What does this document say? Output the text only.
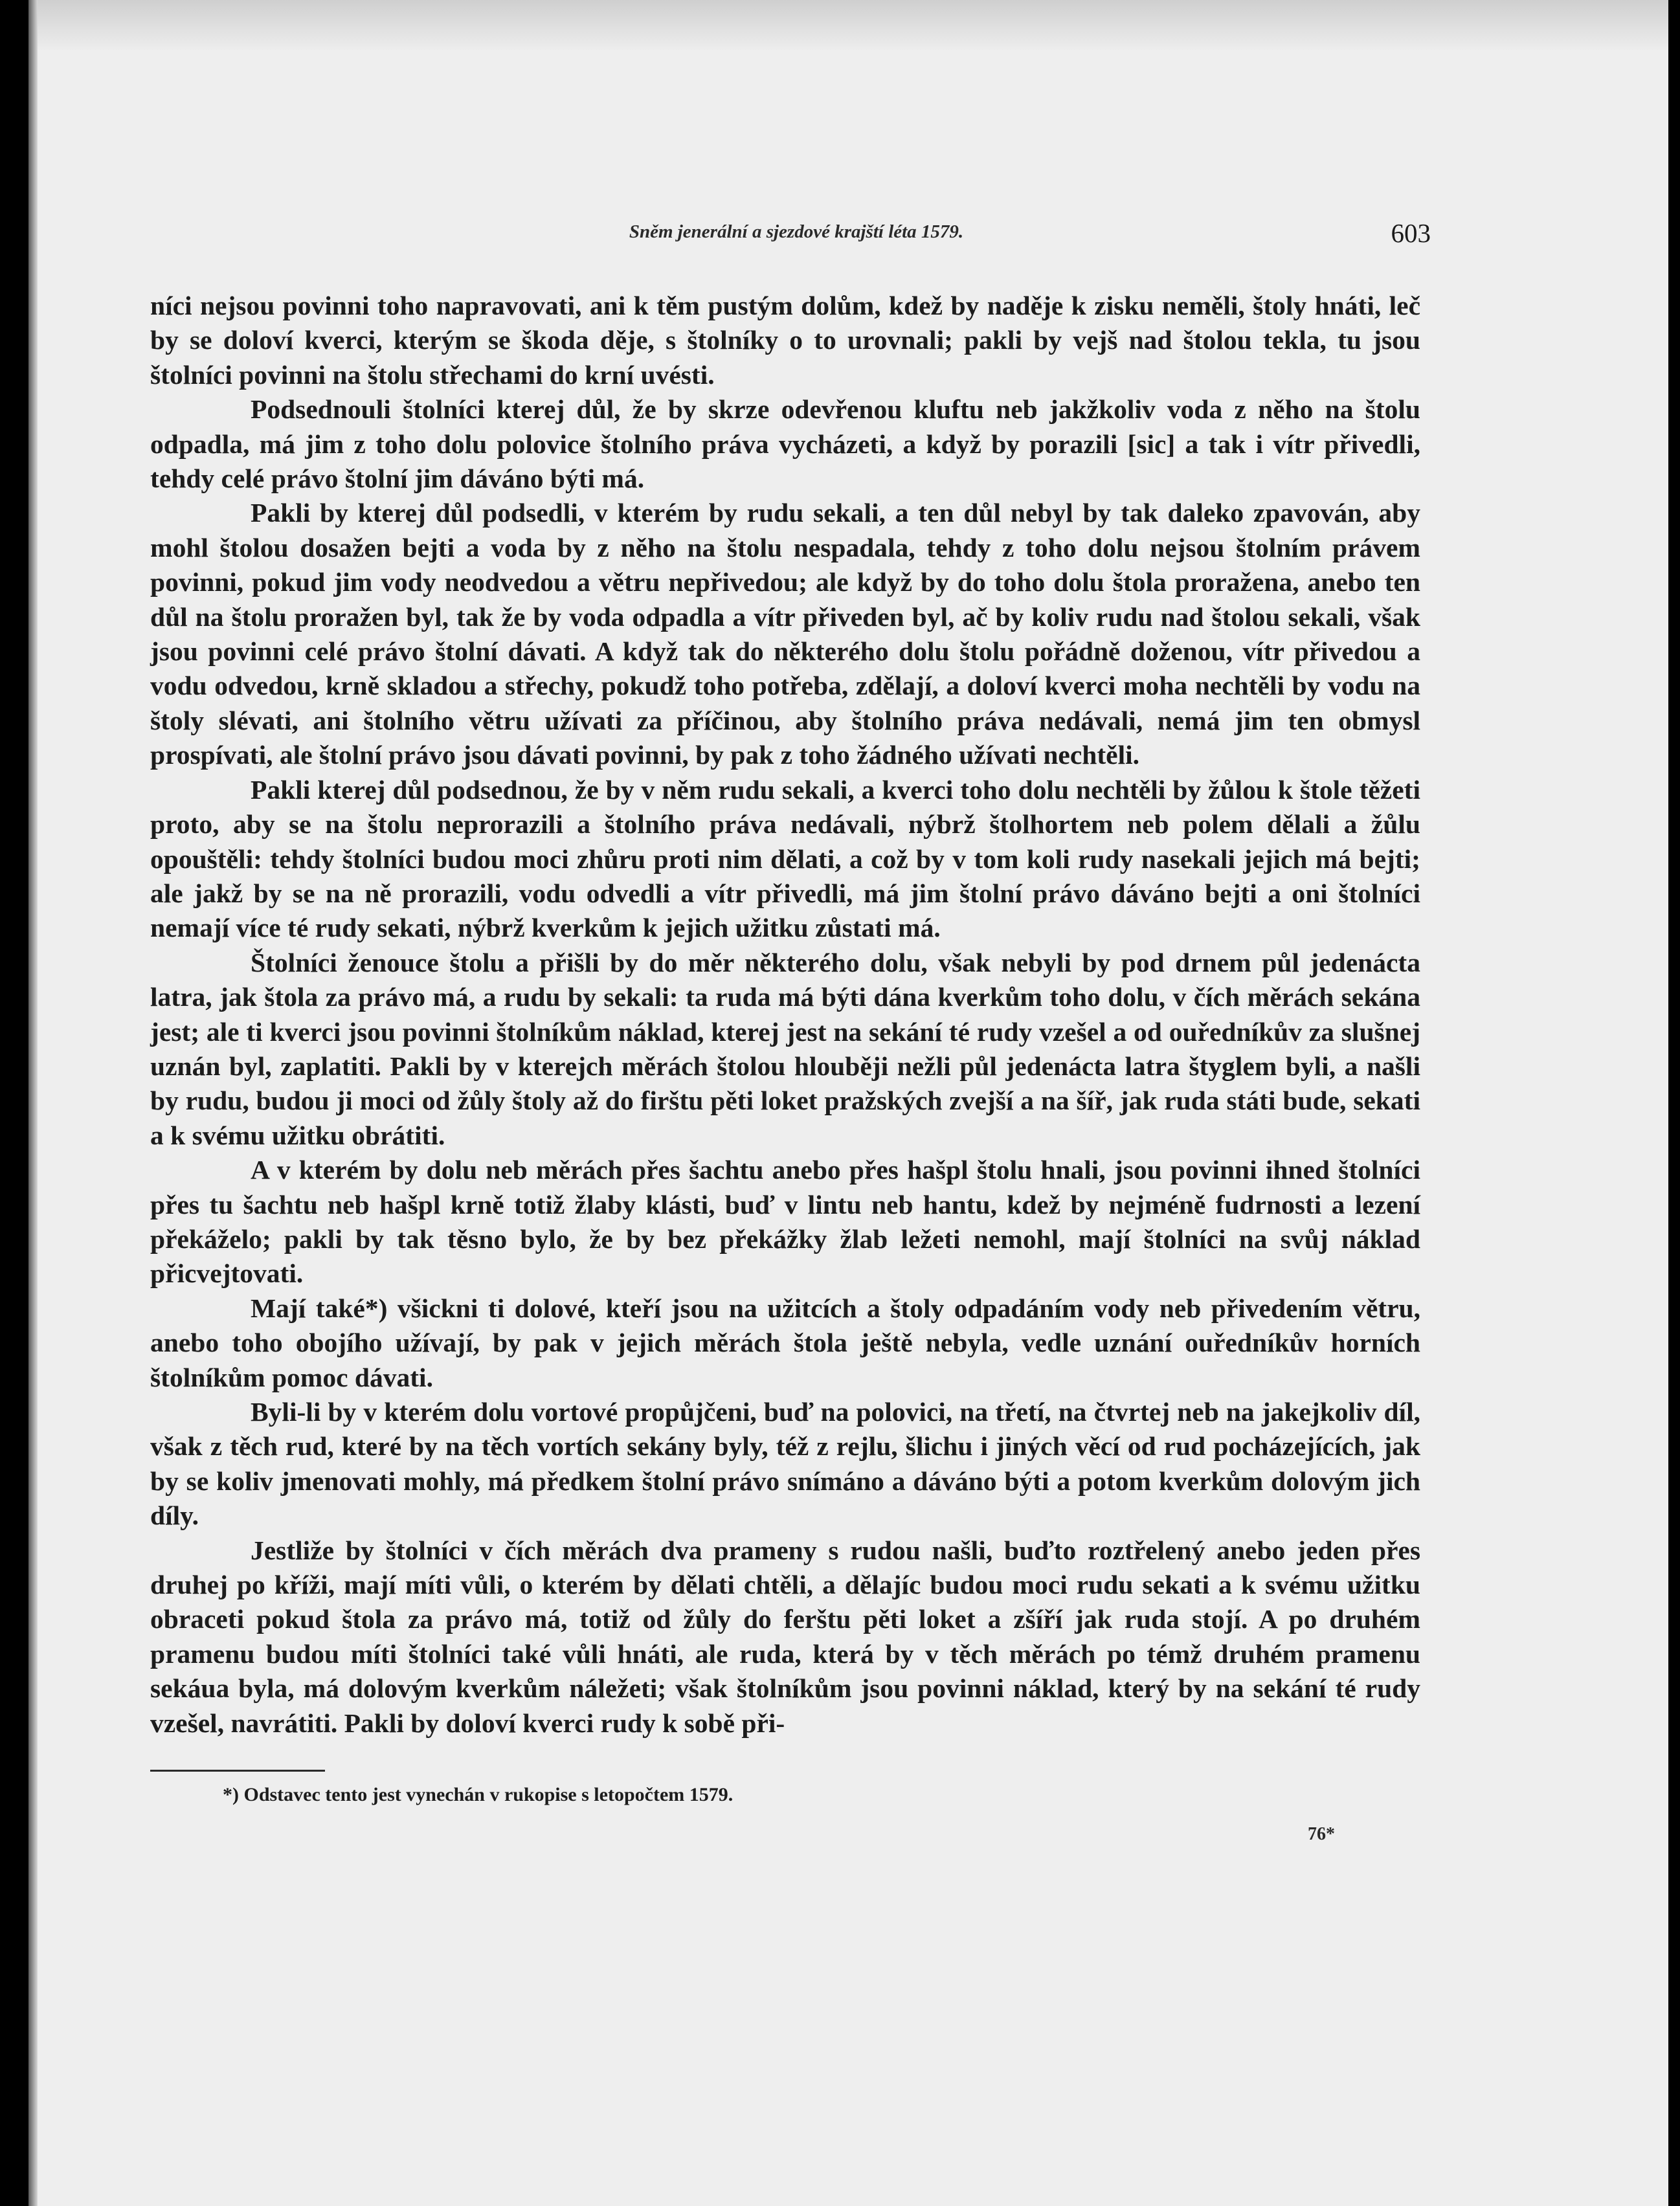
Sněm jenerální a sjezdové krajští léta 1579.	603

níci nejsou povinni toho napravovati, ani k těm pustým dolům, kdež by naděje k zisku neměli, štoly hnáti, leč by se doloví kverci, kterým se škoda děje, s štolníky o to urovnali; pakli by vejš nad štolou tekla, tu jsou štolníci povinni na štolu střechami do krní uvésti.

Podsednouli štolníci kterej důl, že by skrze odevřenou kluftu neb jakžkoliv voda z něho na štolu odpadla, má jim z toho dolu polovice štolního práva vycházeti, a když by porazili [sic] a tak i vítr přivedli, tehdy celé právo štolní jim dáváno býti má.

Pakli by kterej důl podsedli, v kterém by rudu sekali, a ten důl nebyl by tak daleko zpavován, aby mohl štolou dosažen bejti a voda by z něho na štolu nespadala, tehdy z toho dolu nejsou štolním právem povinni, pokud jim vody neodvedou a větru nepřivedou; ale když by do toho dolu štola proražena, anebo ten důl na štolu proražen byl, tak že by voda odpadla a vítr přiveden byl, ač by koliv rudu nad štolou sekali, však jsou povinni celé právo štolní dávati. A když tak do některého dolu štolu pořádně doženou, vítr přivedou a vodu odvedou, krně skladou a střechy, pokudž toho potřeba, zdělají, a doloví kverci moha nechtěli by vodu na štoly slévati, ani štolního větru užívati za příčinou, aby štolního práva nedávali, nemá jim ten obmysl prospívati, ale štolní právo jsou dávati povinni, by pak z toho žádného užívati nechtěli.

Pakli kterej důl podsednou, že by v něm rudu sekali, a kverci toho dolu nechtěli by žůlou k štole těžeti proto, aby se na štolu neprorazili a štolního práva nedávali, nýbrž štolhortem neb polem dělali a žůlu opouštěli: tehdy štolníci budou moci zhůru proti nim dělati, a což by v tom koli rudy nasekali jejich má bejti; ale jakž by se na ně prorazili, vodu odvedli a vítr přivedli, má jim štolní právo dáváno bejti a oni štolníci nemají více té rudy sekati, nýbrž kverkům k jejich užitku zůstati má.

Štolníci ženouce štolu a přišli by do měr některého dolu, však nebyli by pod drnem půl jedenácta latra, jak štola za právo má, a rudu by sekali: ta ruda má býti dána kverkům toho dolu, v čích měrách sekána jest; ale ti kverci jsou povinni štolníkům náklad, kterej jest na sekání té rudy vzešel a od ouředníkův za slušnej uznán byl, zaplatiti. Pakli by v kterejch měrách štolou hlouběji nežli půl jedenácta latra štyglem byli, a našli by rudu, budou ji moci od žůly štoly až do firštu pěti loket pražských zvejší a na šíř, jak ruda státi bude, sekati a k svému užitku obrátiti.

A v kterém by dolu neb měrách přes šachtu anebo přes hašpl štolu hnali, jsou povinni ihned štolníci přes tu šachtu neb hašpl krně totiž žlaby klásti, buď v lintu neb hantu, kdež by nejméně fudrnosti a lezení překáželo; pakli by tak těsno bylo, že by bez překážky žlab ležeti nemohl, mají štolníci na svůj náklad přicvejtovati.

Mají také*) všickni ti dolové, kteří jsou na užitcích a štoly odpadáním vody neb přivedením větru, anebo toho obojího užívají, by pak v jejich měrách štola ještě nebyla, vedle uznání ouředníkův horních štolníkům pomoc dávati.

Byli-li by v kterém dolu vortové propůjčeni, buď na polovici, na třetí, na čtvrtej neb na jakejkoliv díl, však z těch rud, které by na těch vortích sekány byly, též z rejlu, šlichu i jiných věcí od rud pocházejících, jak by se koliv jmenovati mohly, má předkem štolní právo snímáno a dáváno býti a potom kverkům dolovým jich díly.

Jestliže by štolníci v čích měrách dva prameny s rudou našli, buďto roztřelený anebo jeden přes druhej po kříži, mají míti vůli, o kterém by dělati chtěli, a dělajíc budou moci rudu sekati a k svému užitku obraceti pokud štola za právo má, totiž od žůly do ferštu pěti loket a zšíří jak ruda stojí. A po druhém pramenu budou míti štolníci také vůli hnáti, ale ruda, která by v těch měrách po témž druhém pramenu sekáua byla, má dolovým kverkům náležeti; však štolníkům jsou povinni náklad, který by na sekání té rudy vzešel, navrátiti. Pakli by doloví kverci rudy k sobě při-

*) Odstavec tento jest vynechán v rukopise s letopočtem 1579.
76*
